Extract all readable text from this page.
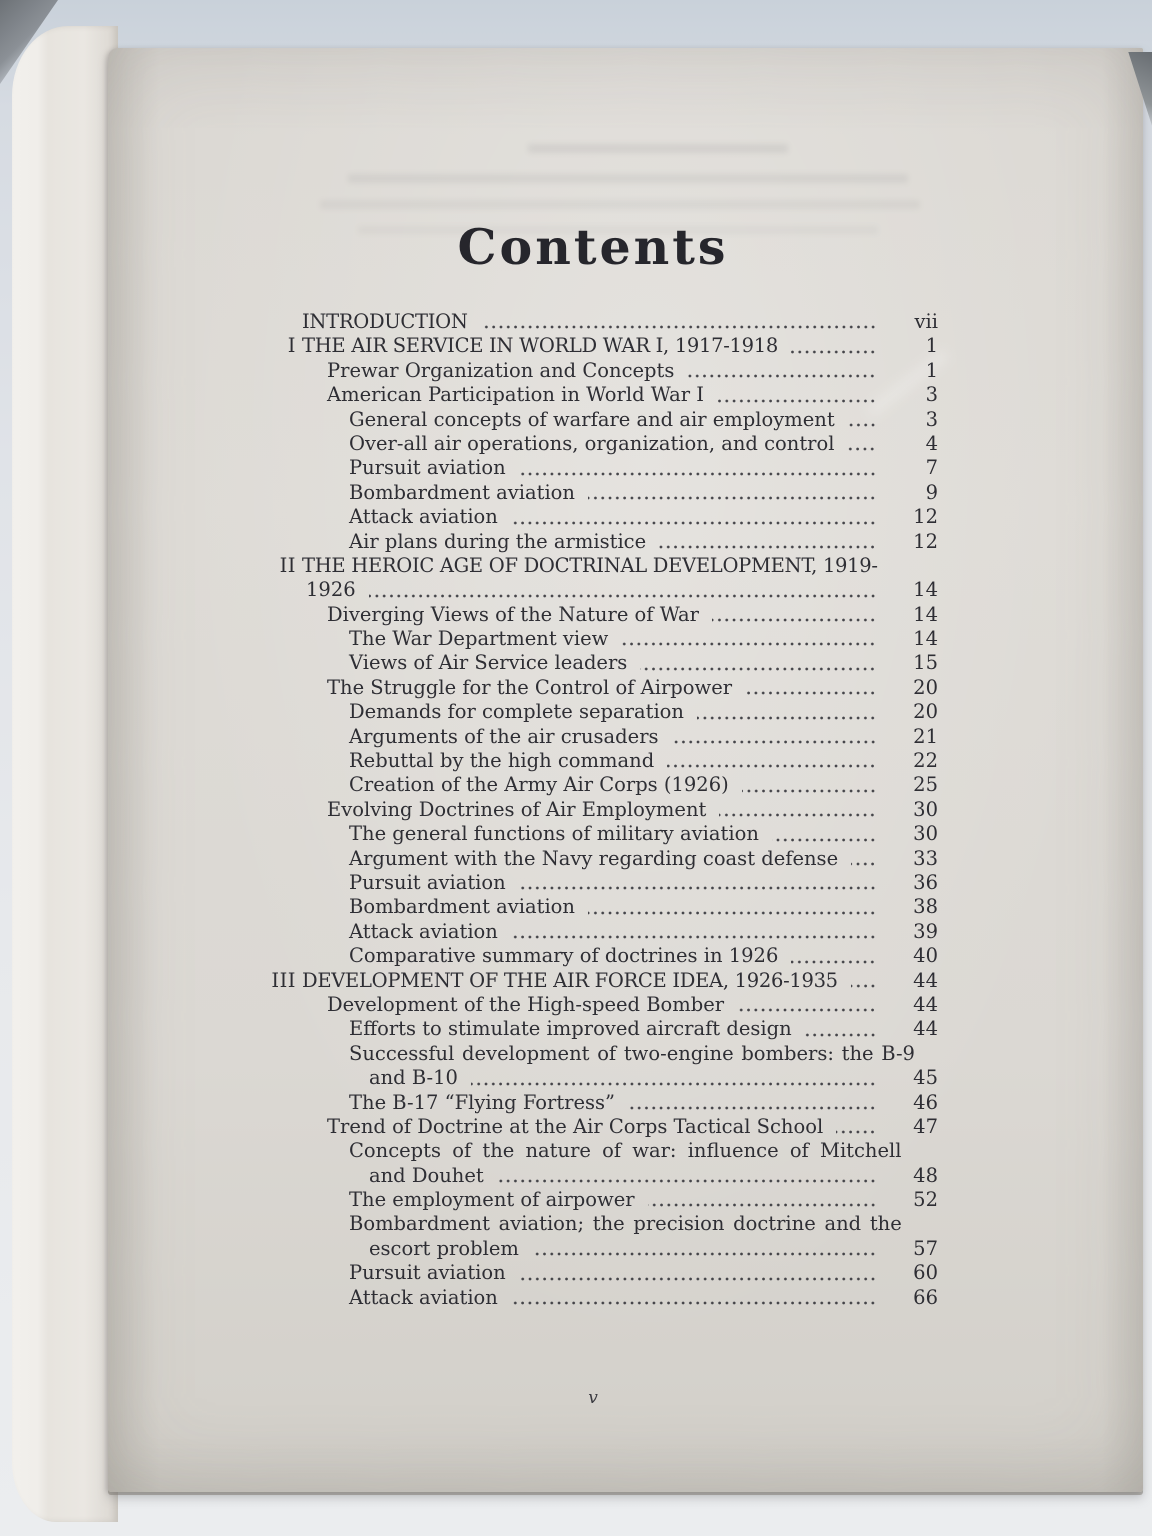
Contents
INTRODUCTION	vii
I THE AIR SERVICE IN WORLD WAR I, 1917-1918	1
Prewar Organization and Concepts	1
American Participation in World War I	3
General concepts of warfare and air employment	3
Over-all air operations, organization, and control	4
Pursuit aviation	7
Bombardment aviation	9
Attack aviation	12
Air plans during the armistice	12
II THE HEROIC AGE OF DOCTRINAL DEVELOPMENT, 1919-
1926	14
Diverging Views of the Nature of War	14
The War Department view	14
Views of Air Service leaders	15
The Struggle for the Control of Airpower	20
Demands for complete separation	20
Arguments of the air crusaders	21
Rebuttal by the high command	22
Creation of the Army Air Corps (1926)	25
Evolving Doctrines of Air Employment	30
The general functions of military aviation	30
Argument with the Navy regarding coast defense	33
Pursuit aviation	36
Bombardment aviation	38
Attack aviation	39
Comparative summary of doctrines in 1926	40
III DEVELOPMENT OF THE AIR FORCE IDEA, 1926-1935	44
Development of the High-speed Bomber	44
Efforts to stimulate improved aircraft design	44
Successful development of two-engine bombers: the B-9
and B-10	45
The B-17 “Flying Fortress”	46
Trend of Doctrine at the Air Corps Tactical School	47
Concepts of the nature of war: influence of Mitchell
and Douhet	48
The employment of airpower	52
Bombardment aviation; the precision doctrine and the
escort problem	57
Pursuit aviation	60
Attack aviation	66
v
